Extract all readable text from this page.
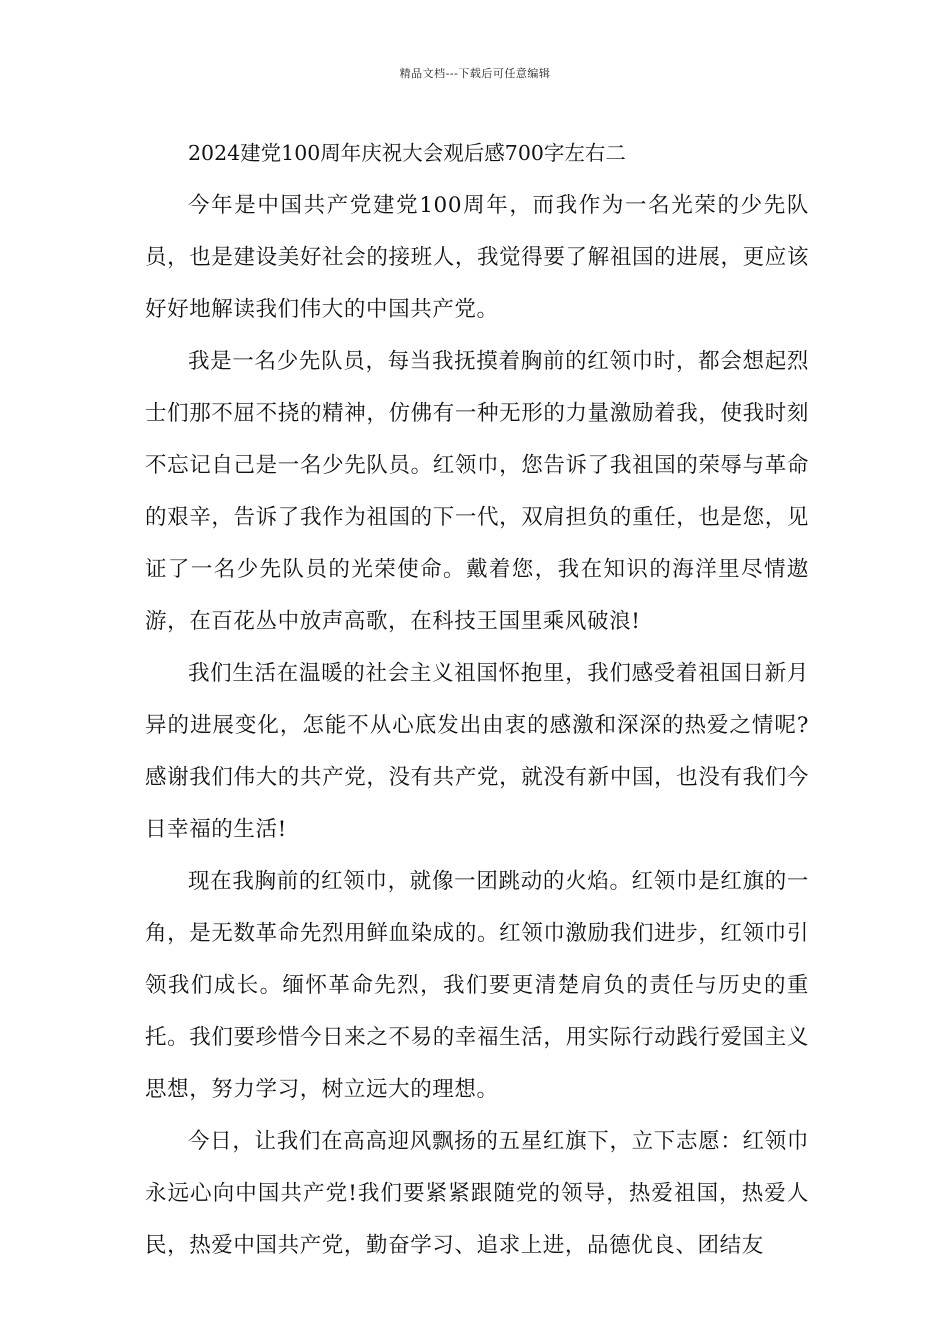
精品文档---下载后可任意编辑
2024建党100周年庆祝大会观后感700字左右二

今年是中国共产党建党100周年，而我作为一名光荣的少先队员，也是建设美好社会的接班人，我觉得要了解祖国的进展，更应该好好地解读我们伟大的中国共产党。

我是一名少先队员，每当我抚摸着胸前的红领巾时，都会想起烈士们那不屈不挠的精神，仿佛有一种无形的力量激励着我，使我时刻不忘记自己是一名少先队员。红领巾，您告诉了我祖国的荣辱与革命的艰辛，告诉了我作为祖国的下一代，双肩担负的重任，也是您，见证了一名少先队员的光荣使命。戴着您，我在知识的海洋里尽情遨游，在百花丛中放声高歌，在科技王国里乘风破浪!

我们生活在温暖的社会主义祖国怀抱里，我们感受着祖国日新月异的进展变化，怎能不从心底发出由衷的感激和深深的热爱之情呢?感谢我们伟大的共产党，没有共产党，就没有新中国，也没有我们今日幸福的生活!

现在我胸前的红领巾，就像一团跳动的火焰。红领巾是红旗的一角，是无数革命先烈用鲜血染成的。红领巾激励我们进步，红领巾引领我们成长。缅怀革命先烈，我们要更清楚肩负的责任与历史的重托。我们要珍惜今日来之不易的幸福生活，用实际行动践行爱国主义思想，努力学习，树立远大的理想。

今日，让我们在高高迎风飘扬的五星红旗下，立下志愿：红领巾永远心向中国共产党!我们要紧紧跟随党的领导，热爱祖国，热爱人民，热爱中国共产党，勤奋学习、追求上进，品德优良、团结友
